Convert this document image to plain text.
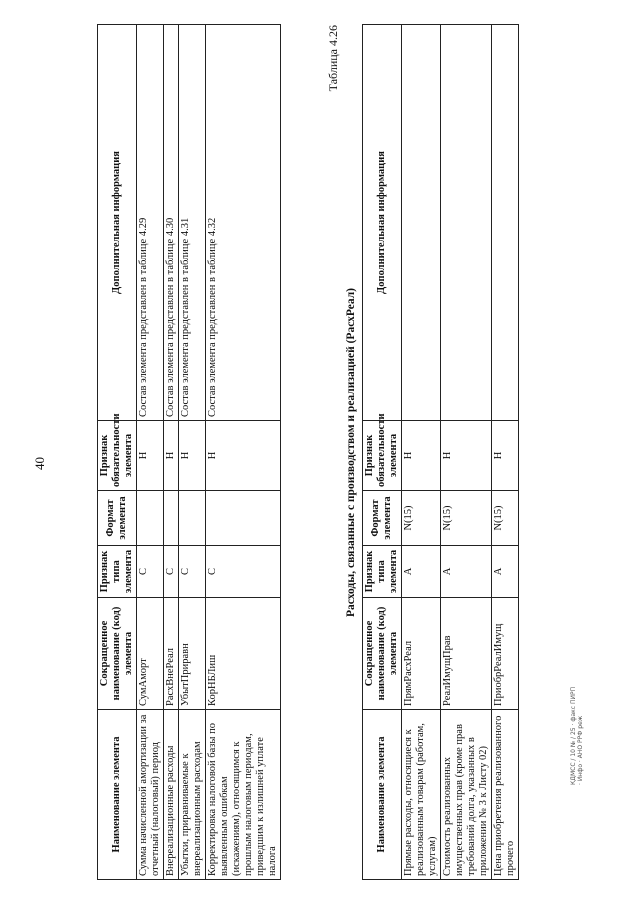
40
Наименование элемента	Сокращенное наименование (код) элемента	Признак типа элемента	Формат элемента	Признак обязательности элемента	Дополнительная информация
Сумма начисленной амортизации за отчетный (налоговый) период	СумАморт	С		Н	Состав элемента представлен в таблице 4.29
Внереализационные расходы	РасхВнеРеал	С		Н	Состав элемента представлен в таблице 4.30
Убытки, приравниваемые к внереализационным расходам	УбытПриравн	С		Н	Состав элемента представлен в таблице 4.31
Корректировка налоговой базы по выявленным ошибкам (искажениям), относящимся к прошлым налоговым периодам, приведшим к излишней уплате налога	КорНБЛиш	С		Н	Состав элемента представлен в таблице 4.32
Таблица 4.26
Расходы, связанные с производством и реализацией (РасхРеал)
Наименование элемента	Сокращенное наименование (код) элемента	Признак типа элемента	Формат элемента	Признак обязательности элемента	Дополнительная информация
Прямые расходы, относящиеся к реализованным товарам (работам, услугам)	ПрямРасхРеал	А	N(15)	Н	
Стоимость реализованных имущественных прав (кроме прав требований долга, указанных в приложении № 3 к Листу 02)	РеалИмущПрав	А	N(15)	Н	
Цена приобретения реализованного прочего	ПриобрРеалИмущ	А	N(15)	Н	
КДМСС / 10 № / 25 · факс ПИРП · Инфо · АНО РРФ реж
